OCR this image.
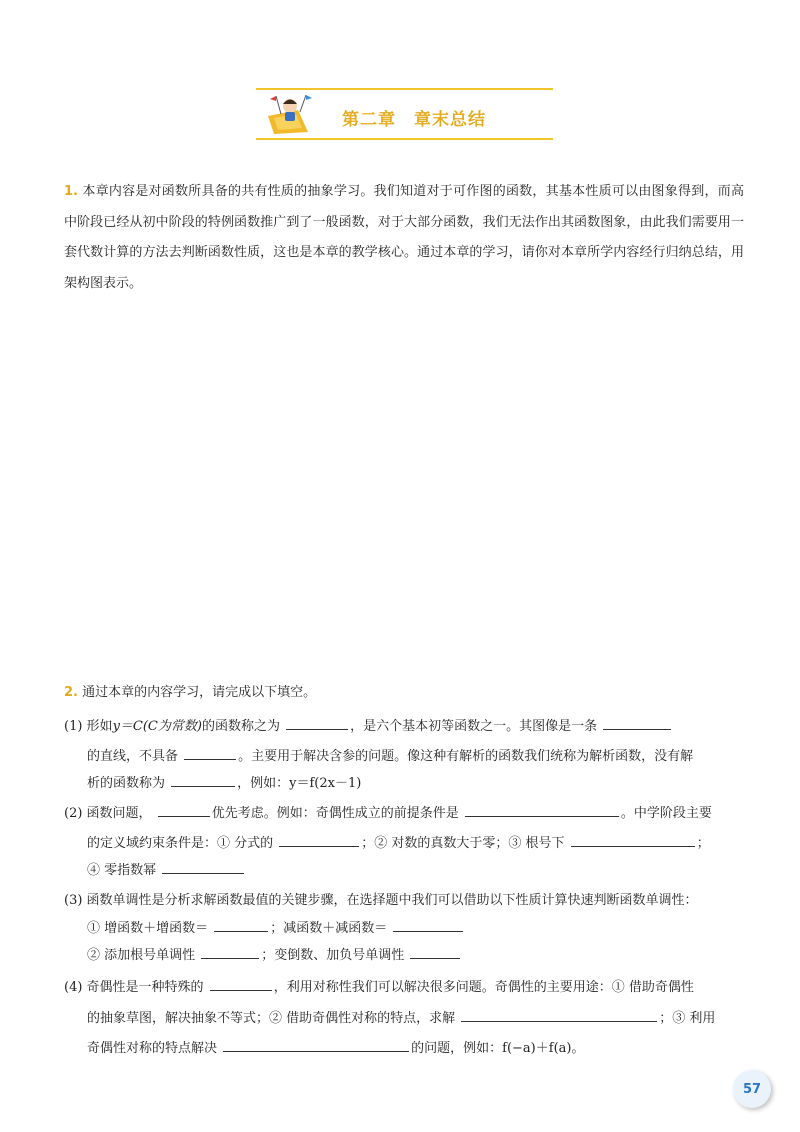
第二章　章末总结
1. 本章内容是对函数所具备的共有性质的抽象学习。我们知道对于可作图的函数，其基本性质可以由图象得到，而高中阶段已经从初中阶段的特例函数推广到了一般函数，对于大部分函数，我们无法作出其函数图象，由此我们需要用一套代数计算的方法去判断函数性质，这也是本章的教学核心。通过本章的学习，请你对本章所学内容经行归纳总结，用架构图表示。
2. 通过本章的内容学习，请完成以下填空。
(1) 形如y＝C(C为常数)的函数称之为	，是六个基本初等函数之一。其图像是一条
的直线，不具备	。主要用于解决含参的问题。像这种有解析的函数我们统称为解析函数，没有解
析的函数称为	，例如：y＝f(2x－1)
(2) 函数问题，	优先考虑。例如：奇偶性成立的前提条件是	。中学阶段主要
的定义域约束条件是：① 分式的	；② 对数的真数大于零；③ 根号下	；
④ 零指数幂
(3) 函数单调性是分析求解函数最值的关键步骤，在选择题中我们可以借助以下性质计算快速判断函数单调性：
① 增函数＋增函数＝	；减函数＋减函数＝
② 添加根号单调性	；变倒数、加负号单调性
(4) 奇偶性是一种特殊的	，利用对称性我们可以解决很多问题。奇偶性的主要用途：① 借助奇偶性
的抽象草图，解决抽象不等式；② 借助奇偶性对称的特点，求解	；③ 利用
奇偶性对称的特点解决	的问题，例如：f(−a)＋f(a)。
57
